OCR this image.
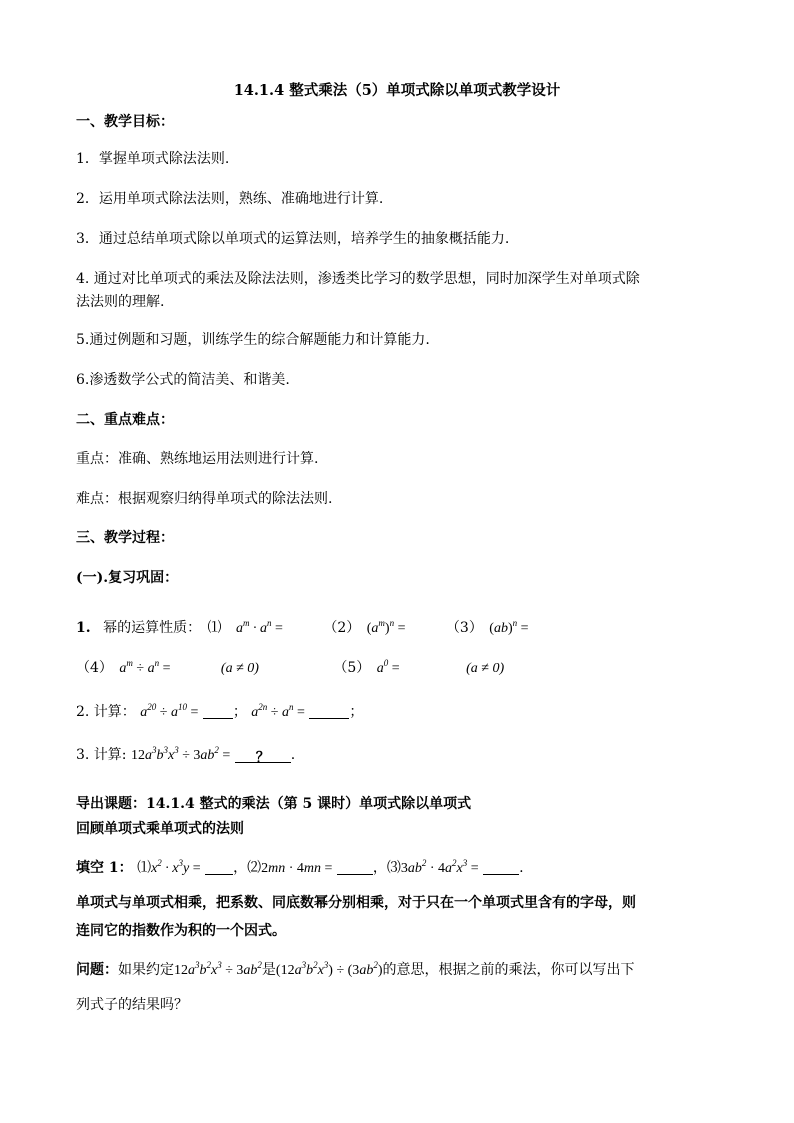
14.1.4 整式乘法（5）单项式除以单项式教学设计
一、教学目标：
1．掌握单项式除法法则.
2．运用单项式除法法则，熟练、准确地进行计算.
3．通过总结单项式除以单项式的运算法则，培养学生的抽象概括能力.
4. 通过对比单项式的乘法及除法法则，渗透类比学习的数学思想，同时加深学生对单项式除
法法则的理解.
5.通过例题和习题，训练学生的综合解题能力和计算能力.
6.渗透数学公式的简洁美、和谐美.
二、重点难点：
重点：准确、熟练地运用法则进行计算.
难点：根据观察归纳得单项式的除法法则.
三、教学过程：
(一).复习巩固：
1. 幂的运算性质： ⑴ $a^m \cdot a^n$ =	（2） $(a^m)^n$ =	（3） (ab)$^n$ =
（4） $a^m \div a^n$ =	(a ≠ 0)	（5） $a^0$ =	(a ≠ 0)
2. 计算： $a^{20} \div a^{10}$ = ； $a^{2n} \div a^n$ =	；
3. 计算: $12a^3b^3x^3 \div 3ab^2$ = ？ .
导出课题：14.1.4 整式的乘法（第 5 课时）单项式除以单项式
回顾单项式乘单项式的法则
填空 1： $⑴x^2 \cdot x^3y$ = ，⑵2mn · 4mn =	，$⑶3ab^2 \cdot 4a^2x^3$ =	.
单项式与单项式相乘，把系数、同底数幂分别相乘，对于只在一个单项式里含有的字母，则
连同它的指数作为积的一个因式。
问题：如果约定$12a^3b^2x^3 \div 3ab^2$是$(12a^3b^2x^3) \div (3ab^2)$的意思，根据之前的乘法，你可以写出下
列式子的结果吗？
